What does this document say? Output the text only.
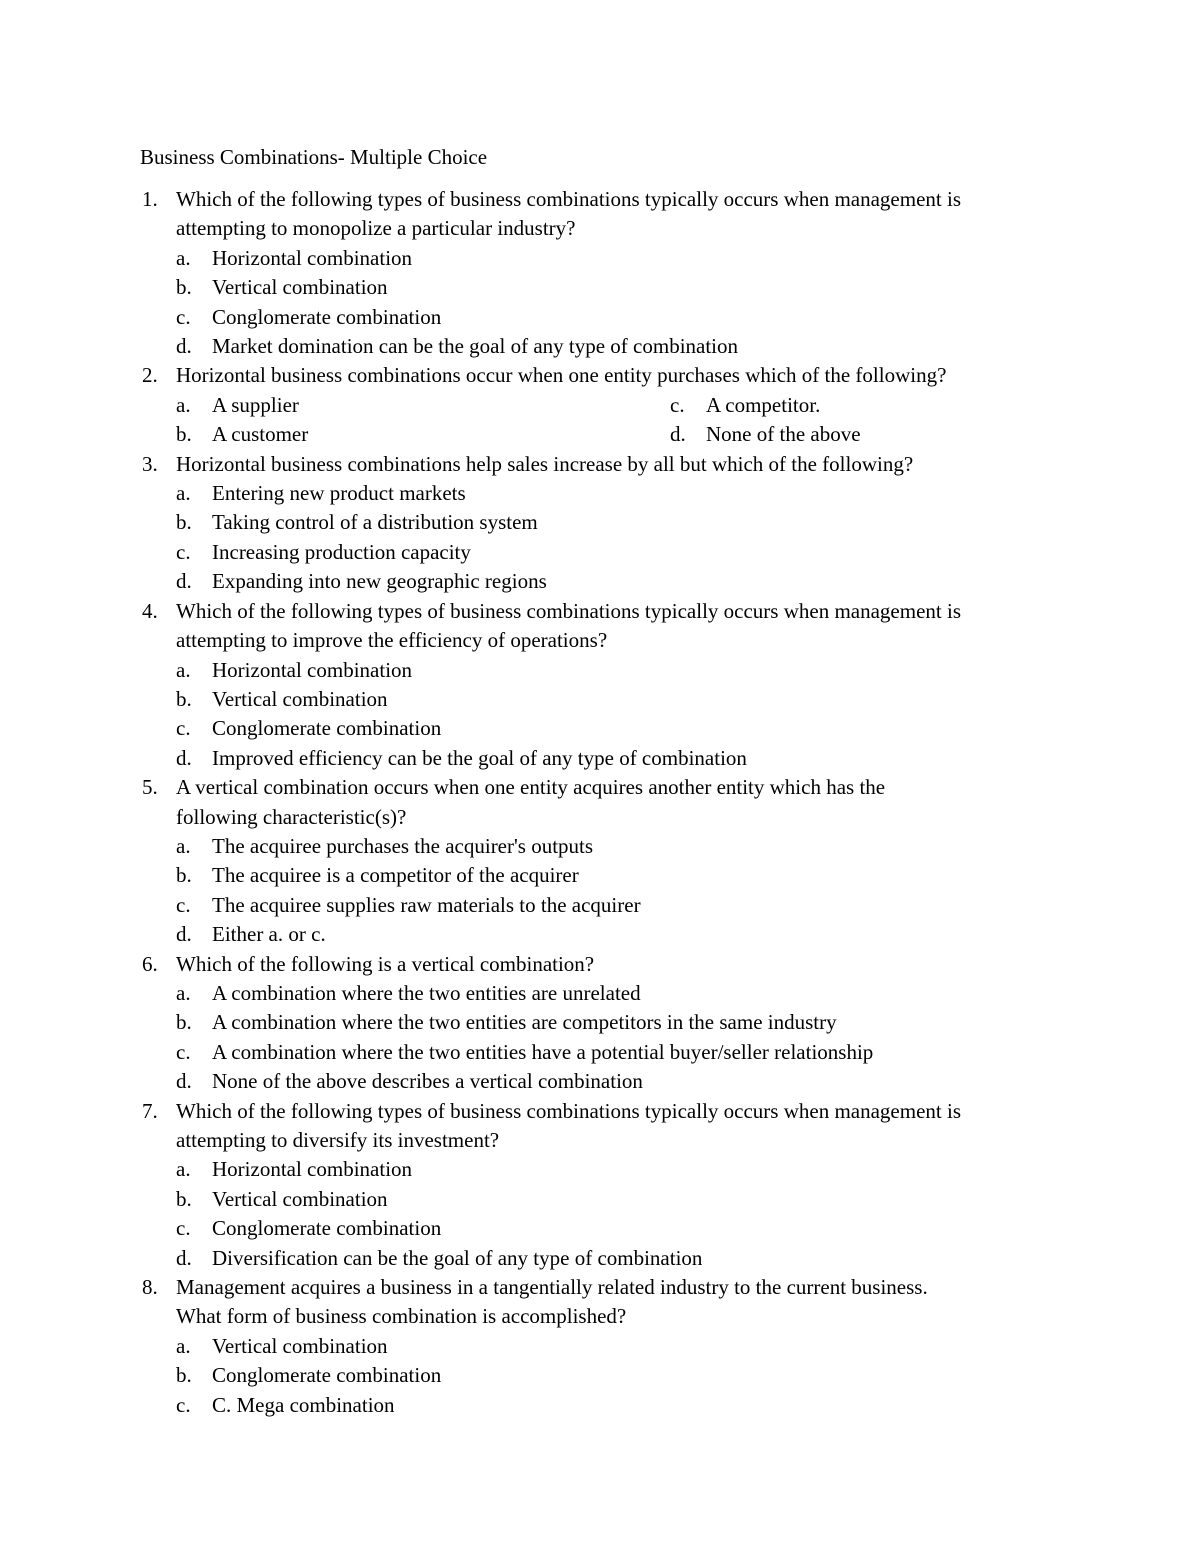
Business Combinations- Multiple Choice
1. Which of the following types of business combinations typically occurs when management is
attempting to monopolize a particular industry?
a. Horizontal combination
b. Vertical combination
c. Conglomerate combination
d. Market domination can be the goal of any type of combination
2. Horizontal business combinations occur when one entity purchases which of the following?
a. A supplier	c. A competitor.
b. A customer	d. None of the above
3. Horizontal business combinations help sales increase by all but which of the following?
a. Entering new product markets
b. Taking control of a distribution system
c. Increasing production capacity
d. Expanding into new geographic regions
4. Which of the following types of business combinations typically occurs when management is
attempting to improve the efficiency of operations?
a. Horizontal combination
b. Vertical combination
c. Conglomerate combination
d. Improved efficiency can be the goal of any type of combination
5. A vertical combination occurs when one entity acquires another entity which has the
following characteristic(s)?
a. The acquiree purchases the acquirer's outputs
b. The acquiree is a competitor of the acquirer
c. The acquiree supplies raw materials to the acquirer
d. Either a. or c.
6. Which of the following is a vertical combination?
a. A combination where the two entities are unrelated
b. A combination where the two entities are competitors in the same industry
c. A combination where the two entities have a potential buyer/seller relationship
d. None of the above describes a vertical combination
7. Which of the following types of business combinations typically occurs when management is
attempting to diversify its investment?
a. Horizontal combination
b. Vertical combination
c. Conglomerate combination
d. Diversification can be the goal of any type of combination
8. Management acquires a business in a tangentially related industry to the current business.
What form of business combination is accomplished?
a. Vertical combination
b. Conglomerate combination
c. C. Mega combination
